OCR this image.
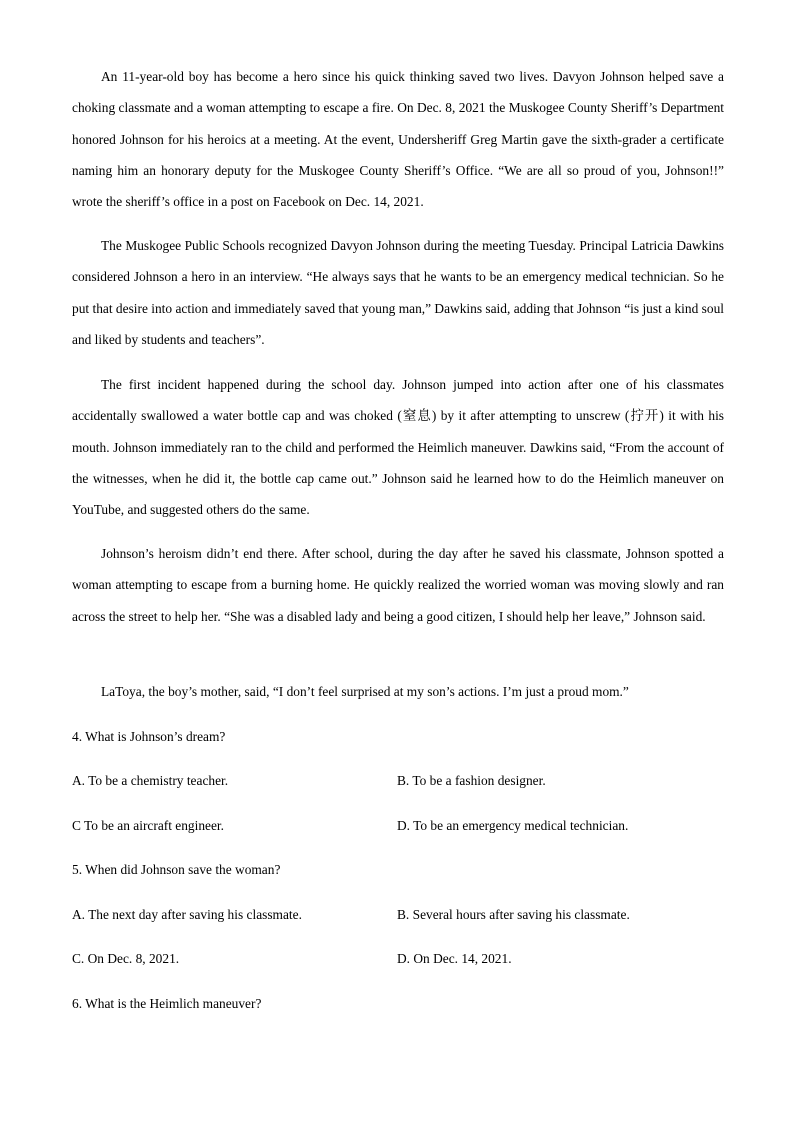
An 11-year-old boy has become a hero since his quick thinking saved two lives. Davyon Johnson helped save a choking classmate and a woman attempting to escape a fire. On Dec. 8, 2021 the Muskogee County Sheriff’s Department honored Johnson for his heroics at a meeting. At the event, Undersheriff Greg Martin gave the sixth-grader a certificate naming him an honorary deputy for the Muskogee County Sheriff’s Office. “We are all so proud of you, Johnson!!” wrote the sheriff’s office in a post on Facebook on Dec. 14, 2021.

The Muskogee Public Schools recognized Davyon Johnson during the meeting Tuesday. Principal Latricia Dawkins considered Johnson a hero in an interview. “He always says that he wants to be an emergency medical technician. So he put that desire into action and immediately saved that young man,” Dawkins said, adding that Johnson “is just a kind soul and liked by students and teachers”.

The first incident happened during the school day. Johnson jumped into action after one of his classmates accidentally swallowed a water bottle cap and was choked (窒息) by it after attempting to unscrew (拧开) it with his mouth. Johnson immediately ran to the child and performed the Heimlich maneuver. Dawkins said, “From the account of the witnesses, when he did it, the bottle cap came out.” Johnson said he learned how to do the Heimlich maneuver on YouTube, and suggested others do the same.

Johnson’s heroism didn’t end there. After school, during the day after he saved his classmate, Johnson spotted a woman attempting to escape from a burning home. He quickly realized the worried woman was moving slowly and ran across the street to help her. “She was a disabled lady and being a good citizen, I should help her leave,” Johnson said.

LaToya, the boy’s mother, said, “I don’t feel surprised at my son’s actions. I’m just a proud mom.”

4. What is Johnson’s dream?

A. To be a chemistry teacher.	B. To be a fashion designer.

C To be an aircraft engineer.	D. To be an emergency medical technician.

5. When did Johnson save the woman?

A. The next day after saving his classmate.	B. Several hours after saving his classmate.

C. On Dec. 8, 2021.	D. On Dec. 14, 2021.

6. What is the Heimlich maneuver?
